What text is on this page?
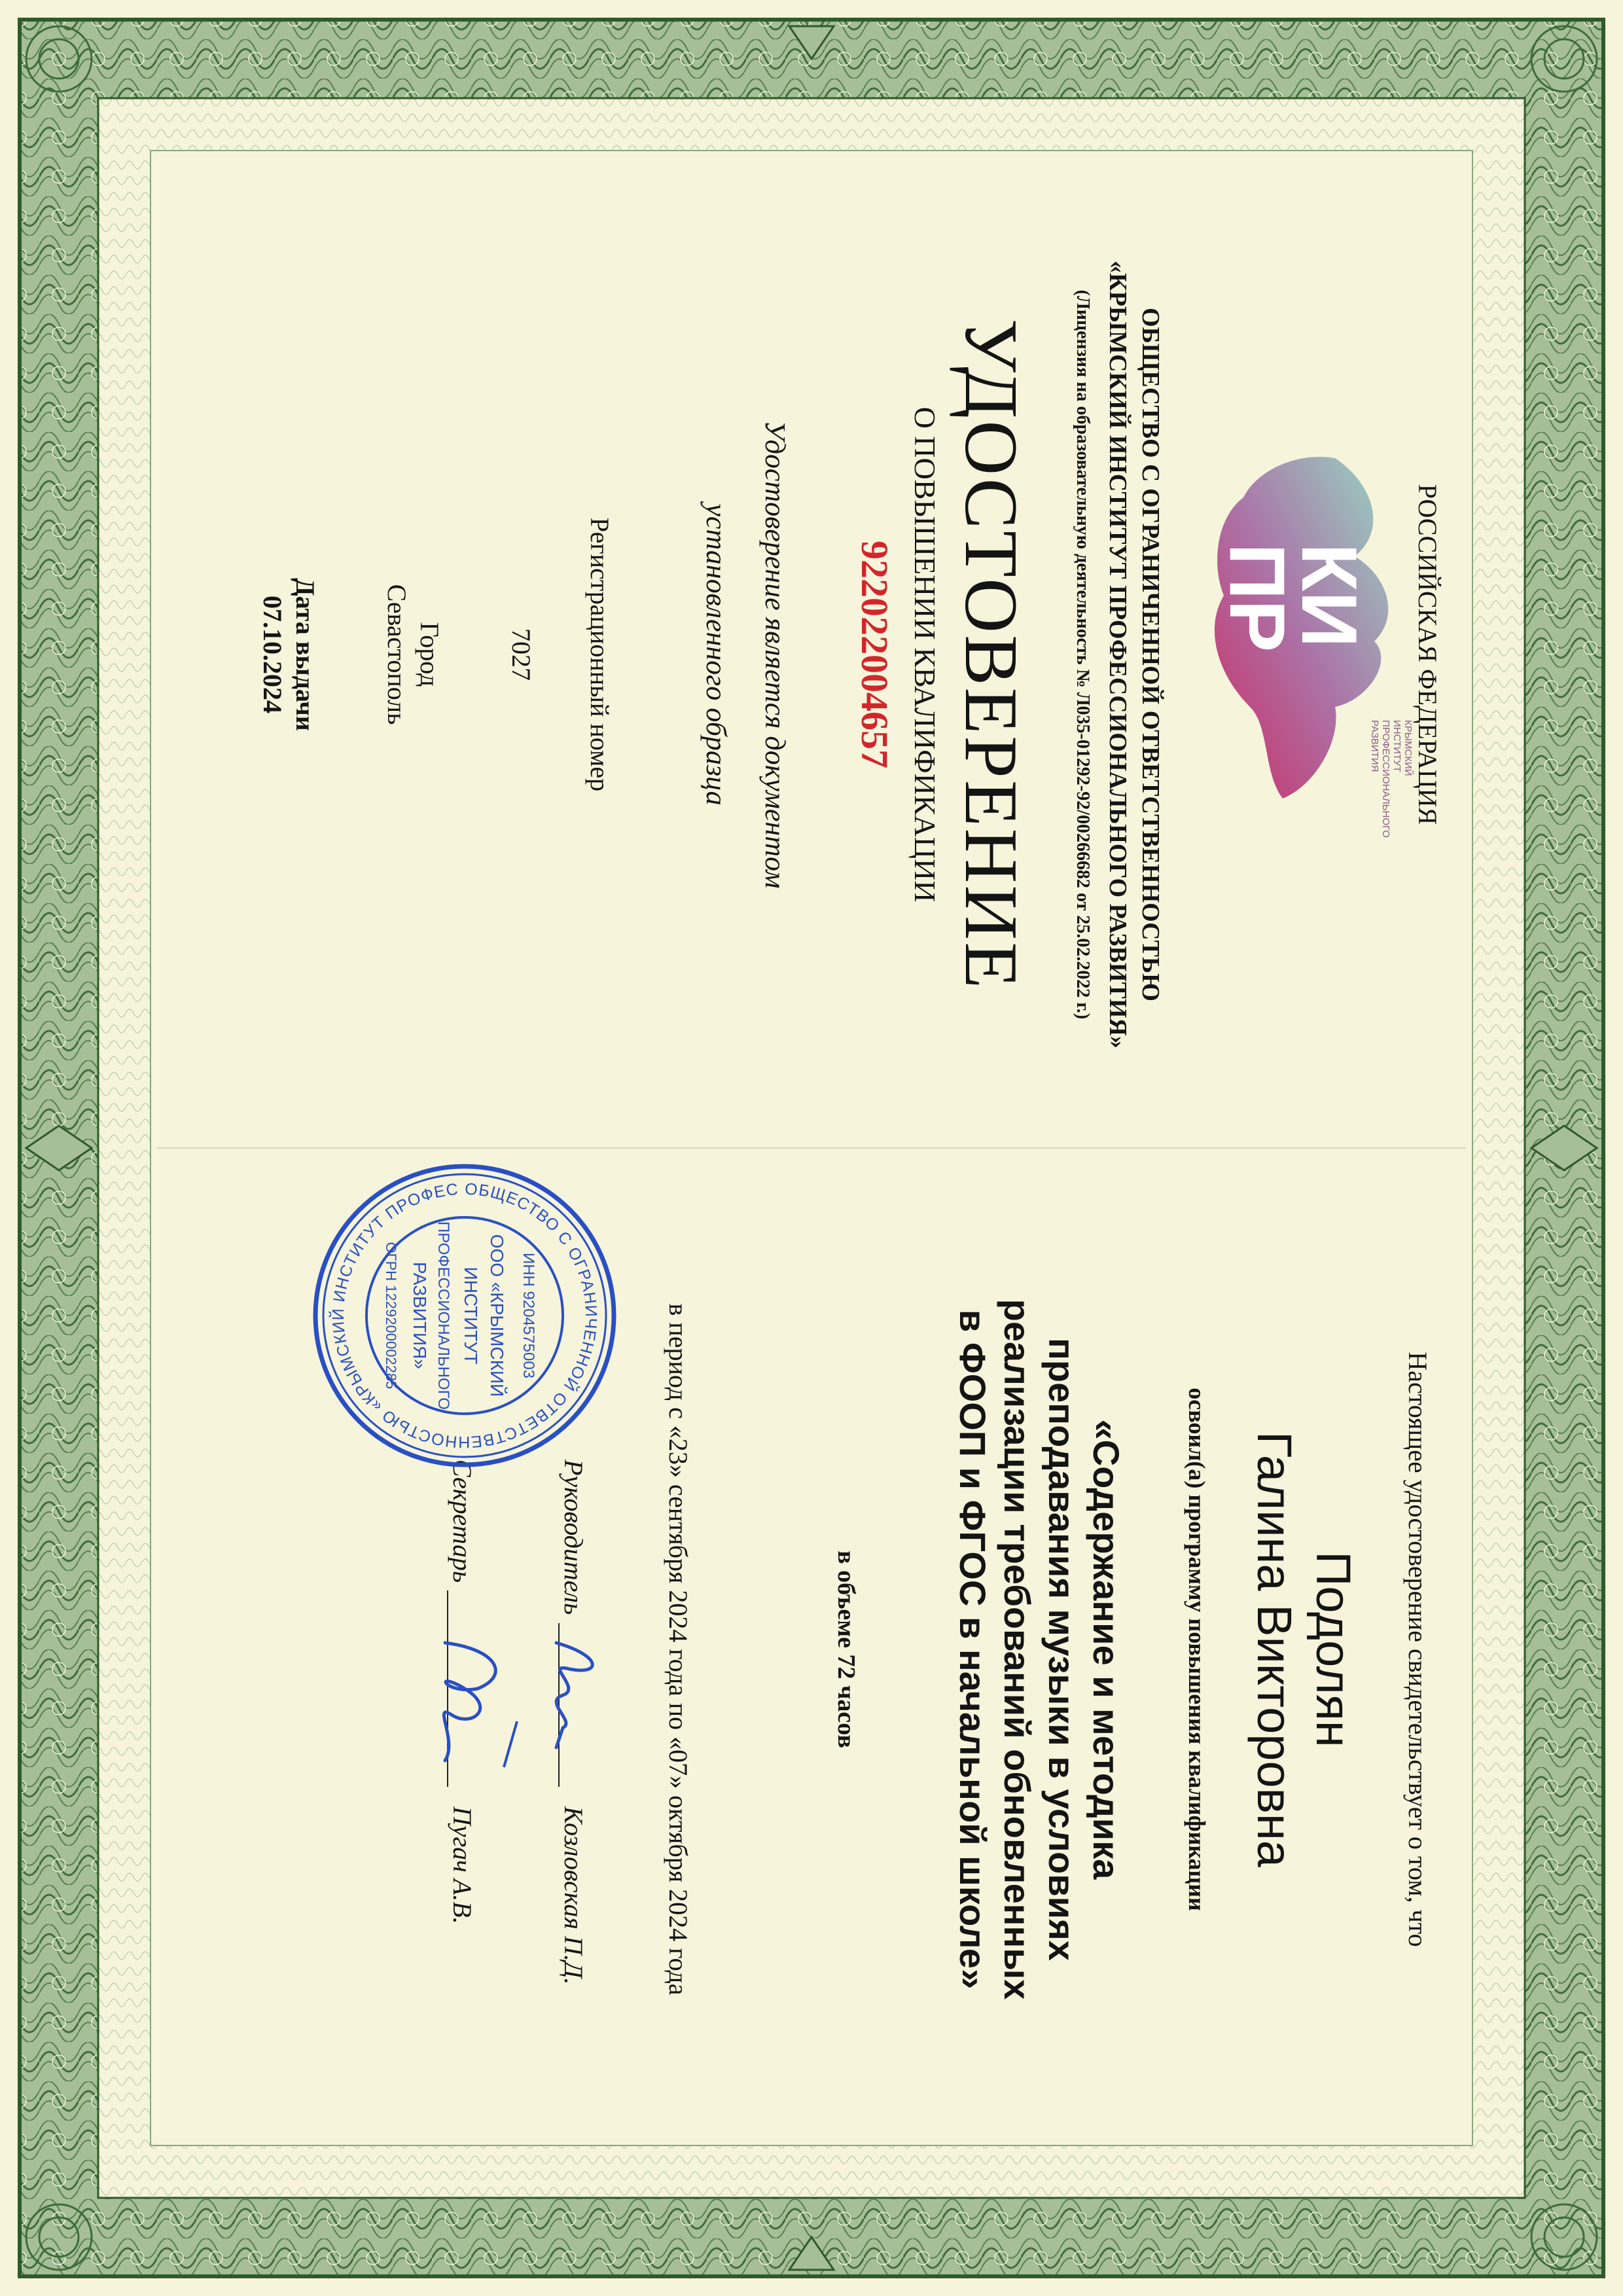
РОССИЙСКАЯ ФЕДЕРАЦИЯ
КИ
ПР
КРЫМСКИЙ ИНСТИТУТ ПРОФЕССИОНАЛЬНОГО РАЗВИТИЯ
ОБЩЕСТВО С ОГРАНИЧЕННОЙ ОТВЕТСТВЕННОСТЬЮ
«КРЫМСКИЙ ИНСТИТУТ ПРОФЕССИОНАЛЬНОГО РАЗВИТИЯ»
(Лицензия на образовательную деятельность № Л035-01292-92/00266682 от 25.02.2022 г.)
УДОСТОВЕРЕНИЕ
О ПОВЫШЕНИИ КВАЛИФИКАЦИИ
922022004657
Удостоверение является документом
установленного образца
Регистрационный номер
7027
Город
Севастополь
Дата выдачи
07.10.2024
Настоящее удостоверение свидетельствует о том, что
Подолян
Галина Викторовна
освоил(а) программу повышения квалификации
«Содержание и методика
преподавания музыки в условиях
реализации требований обновленных
в ФООП и ФГОС в начальной школе»
в объеме 72 часов
в период с «23» сентября 2024 года по «07» октября 2024 года
Руководитель
Козловская П.Д.
Секретарь
Пугач А.В.
ОБЩЕСТВО С ОГРАНИЧЕННОЙ ОТВЕТСТВЕННОСТЬЮ «КРЫМСКИЙ ИНСТИТУТ ПРОФЕС
ИНН 9204575003
ООО «КРЫМСКИЙ
ИНСТИТУТ
ПРОФЕССИОНАЛЬНОГО
РАЗВИТИЯ»
ОГРН 1229200002285
